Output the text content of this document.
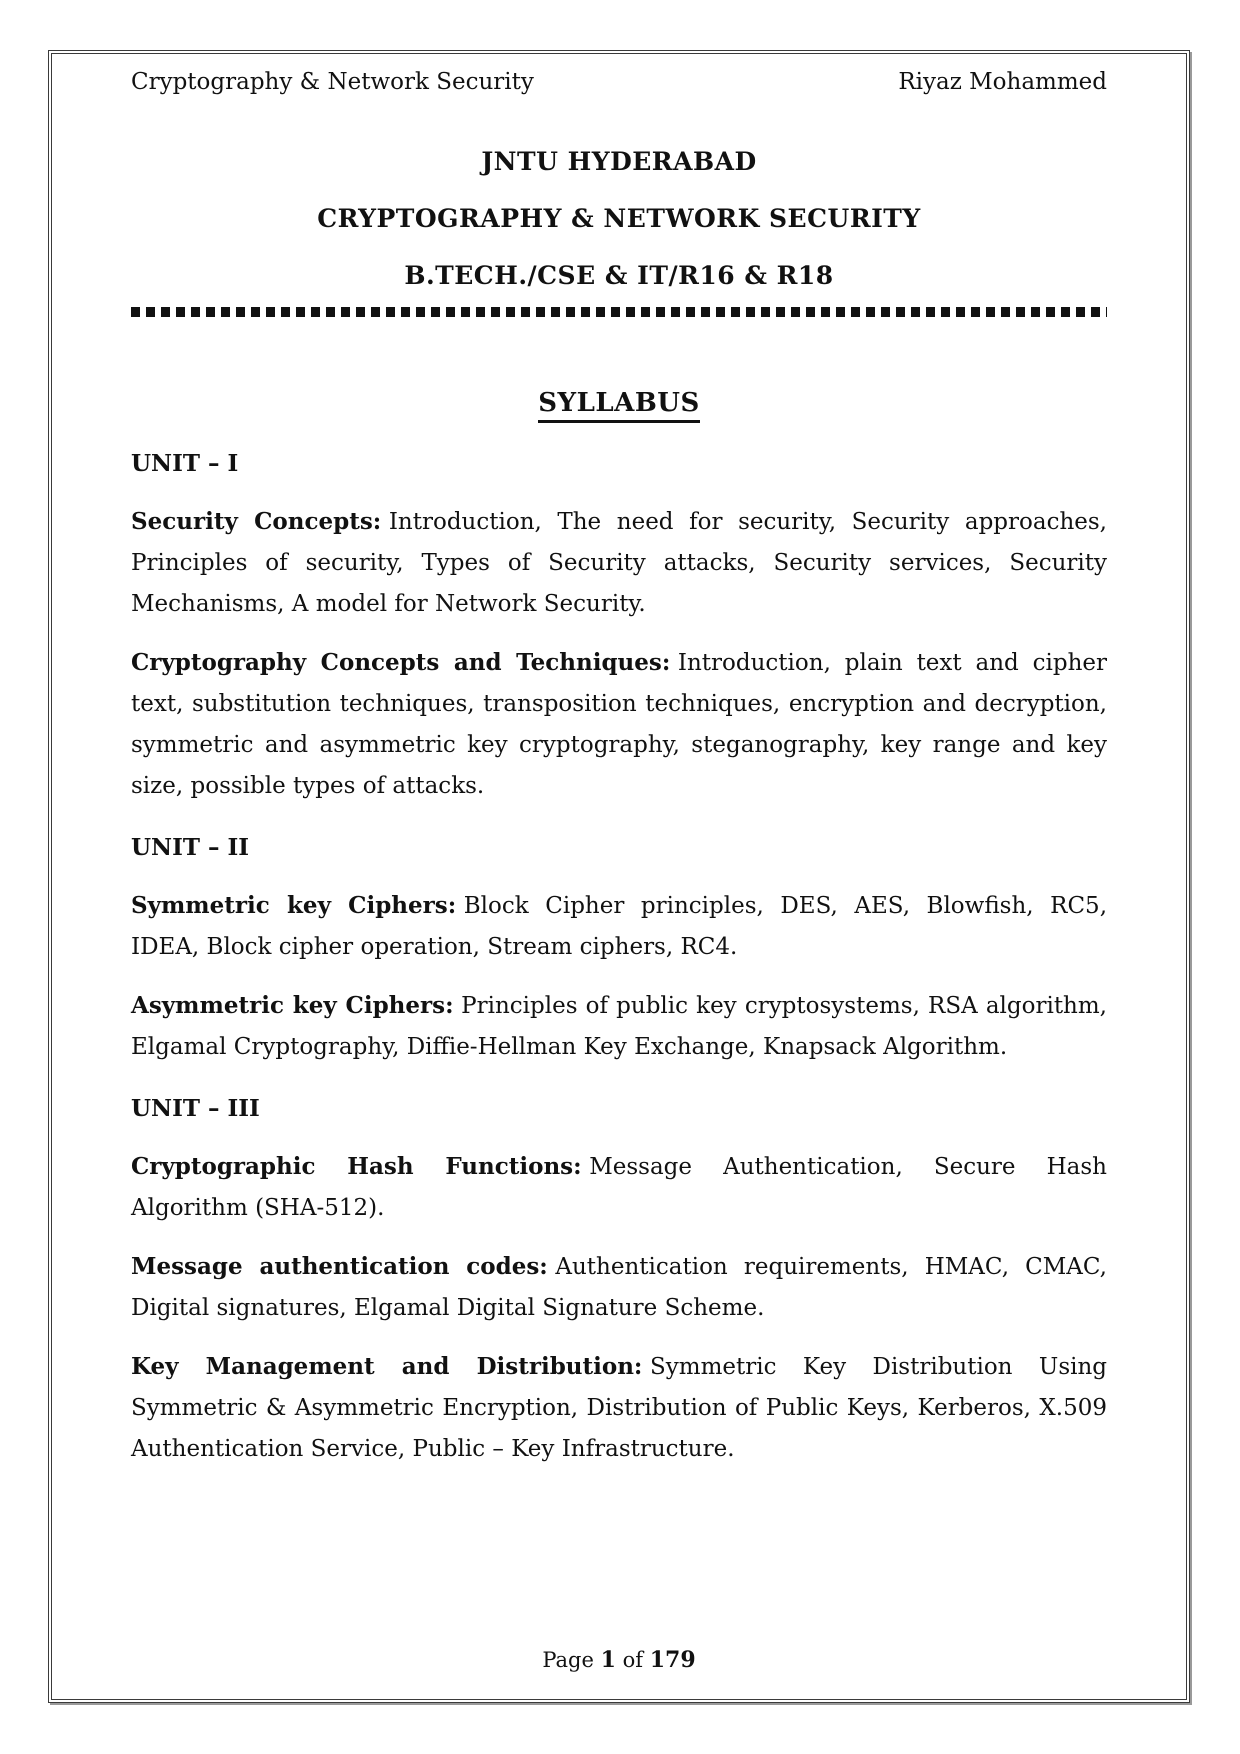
Cryptography & Network Security	Riyaz Mohammed

JNTU HYDERABAD

CRYPTOGRAPHY & NETWORK SECURITY

B.TECH./CSE & IT/R16 & R18

SYLLABUS

UNIT – I

Security Concepts: Introduction, The need for security, Security approaches, Principles of security, Types of Security attacks, Security services, Security Mechanisms, A model for Network Security.

Cryptography Concepts and Techniques: Introduction, plain text and cipher text, substitution techniques, transposition techniques, encryption and decryption, symmetric and asymmetric key cryptography, steganography, key range and key size, possible types of attacks.

UNIT – II

Symmetric key Ciphers: Block Cipher principles, DES, AES, Blowfish, RC5, IDEA, Block cipher operation, Stream ciphers, RC4.

Asymmetric key Ciphers: Principles of public key cryptosystems, RSA algorithm, Elgamal Cryptography, Diffie-Hellman Key Exchange, Knapsack Algorithm.

UNIT – III

Cryptographic Hash Functions: Message Authentication, Secure Hash Algorithm (SHA-512).

Message authentication codes: Authentication requirements, HMAC, CMAC, Digital signatures, Elgamal Digital Signature Scheme.

Key Management and Distribution: Symmetric Key Distribution Using Symmetric & Asymmetric Encryption, Distribution of Public Keys, Kerberos, X.509 Authentication Service, Public – Key Infrastructure.

Page 1 of 179
